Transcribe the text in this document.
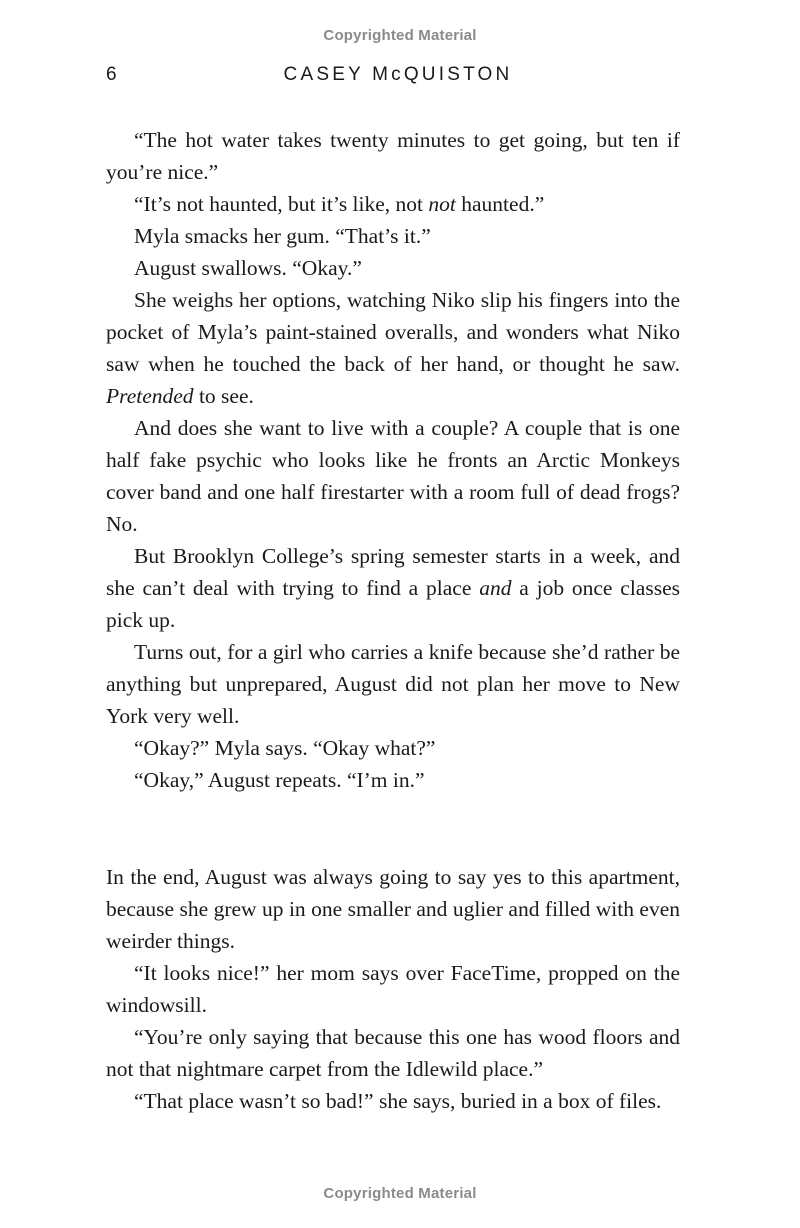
Copyrighted Material
6	CASEY McQUISTON

“The hot water takes twenty minutes to get going, but ten if you’re nice.”

“It’s not haunted, but it’s like, not not haunted.”

Myla smacks her gum. “That’s it.”

August swallows. “Okay.”

She weighs her options, watching Niko slip his fingers into the pocket of Myla’s paint-stained overalls, and wonders what Niko saw when he touched the back of her hand, or thought he saw. Pretended to see.

And does she want to live with a couple? A couple that is one half fake psychic who looks like he fronts an Arctic Monkeys cover band and one half firestarter with a room full of dead frogs? No.

But Brooklyn College’s spring semester starts in a week, and she can’t deal with trying to find a place and a job once classes pick up.

Turns out, for a girl who carries a knife because she’d rather be anything but unprepared, August did not plan her move to New York very well.

“Okay?” Myla says. “Okay what?”

“Okay,” August repeats. “I’m in.”

In the end, August was always going to say yes to this apartment, because she grew up in one smaller and uglier and filled with even weirder things.

“It looks nice!” her mom says over FaceTime, propped on the windowsill.

“You’re only saying that because this one has wood floors and not that nightmare carpet from the Idlewild place.”

“That place wasn’t so bad!” she says, buried in a box of files.

Copyrighted Material
